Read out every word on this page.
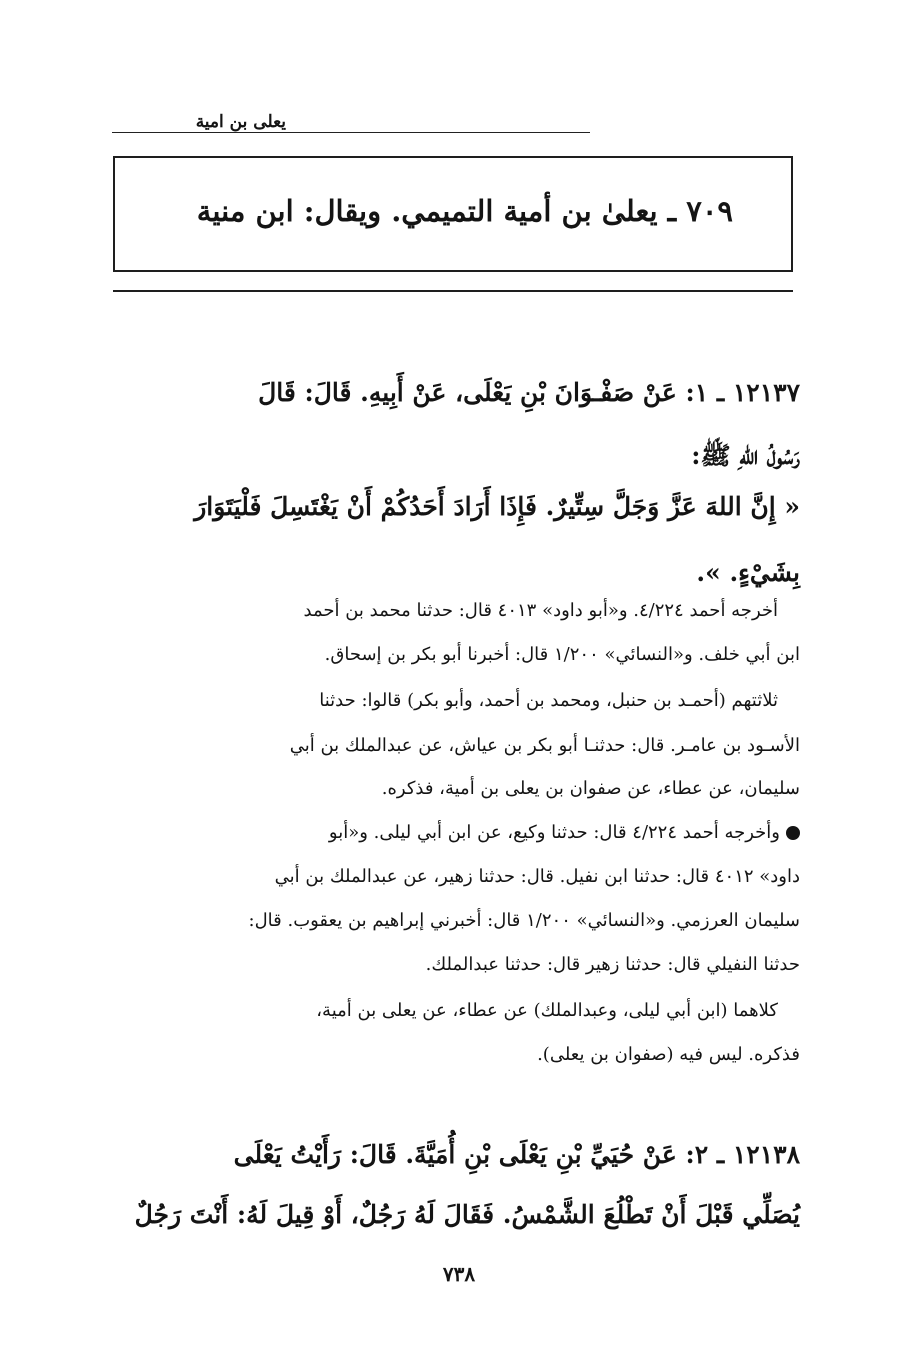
يعلى بن امية
٧٠٩ ـ يعلىٰ بن أمية التميمي. ويقال: ابن منية
١٢١٣٧ ـ ١: عَنْ صَفْـوَانَ بْنِ يَعْلَى، عَنْ أَبِيهِ. قَالَ: قَالَ
رَسُولُ اللهِ ﷺ:
« إِنَّ اللهَ عَزَّ وَجَلَّ سِتِّيرٌ. فَإِذَا أَرَادَ أَحَدُكُمْ أَنْ يَغْتَسِلَ فَلْيَتَوَارَ
بِشَيْءٍ. ».
أخرجه أحمد ٤/٢٢٤. و«أبو داود» ٤٠١٣ قال: حدثنا محمد بن أحمد
ابن أبي خلف. و«النسائي» ١/٢٠٠ قال: أخبرنا أبو بكر بن إسحاق.
ثلاثتهم (أحمـد بن حنبل، ومحمد بن أحمد، وأبو بكر) قالوا: حدثنا
الأسـود بن عامـر. قال: حدثنـا أبو بكر بن عياش، عن عبدالملك بن أبي
سليمان، عن عطاء، عن صفوان بن يعلى بن أمية، فذكره.
وأخرجه أحمد ٤/٢٢٤ قال: حدثنا وكيع، عن ابن أبي ليلى. و«أبو
داود» ٤٠١٢ قال: حدثنا ابن نفيل. قال: حدثنا زهير، عن عبدالملك بن أبي
سليمان العرزمي. و«النسائي» ١/٢٠٠ قال: أخبرني إبراهيم بن يعقوب. قال:
حدثنا النفيلي قال: حدثنا زهير قال: حدثنا عبدالملك.
كلاهما (ابن أبي ليلى، وعبدالملك) عن عطاء، عن يعلى بن أمية،
فذكره. ليس فيه (صفوان بن يعلى).
١٢١٣٨ ـ ٢: عَنْ حُيَيِّ بْنِ يَعْلَى بْنِ أُمَيَّةَ. قَالَ: رَأَيْتُ يَعْلَى
يُصَلِّي قَبْلَ أَنْ تَطْلُعَ الشَّمْسُ. فَقَالَ لَهُ رَجُلٌ، أَوْ قِيلَ لَهُ: أَنْتَ رَجُلٌ
٧٣٨
